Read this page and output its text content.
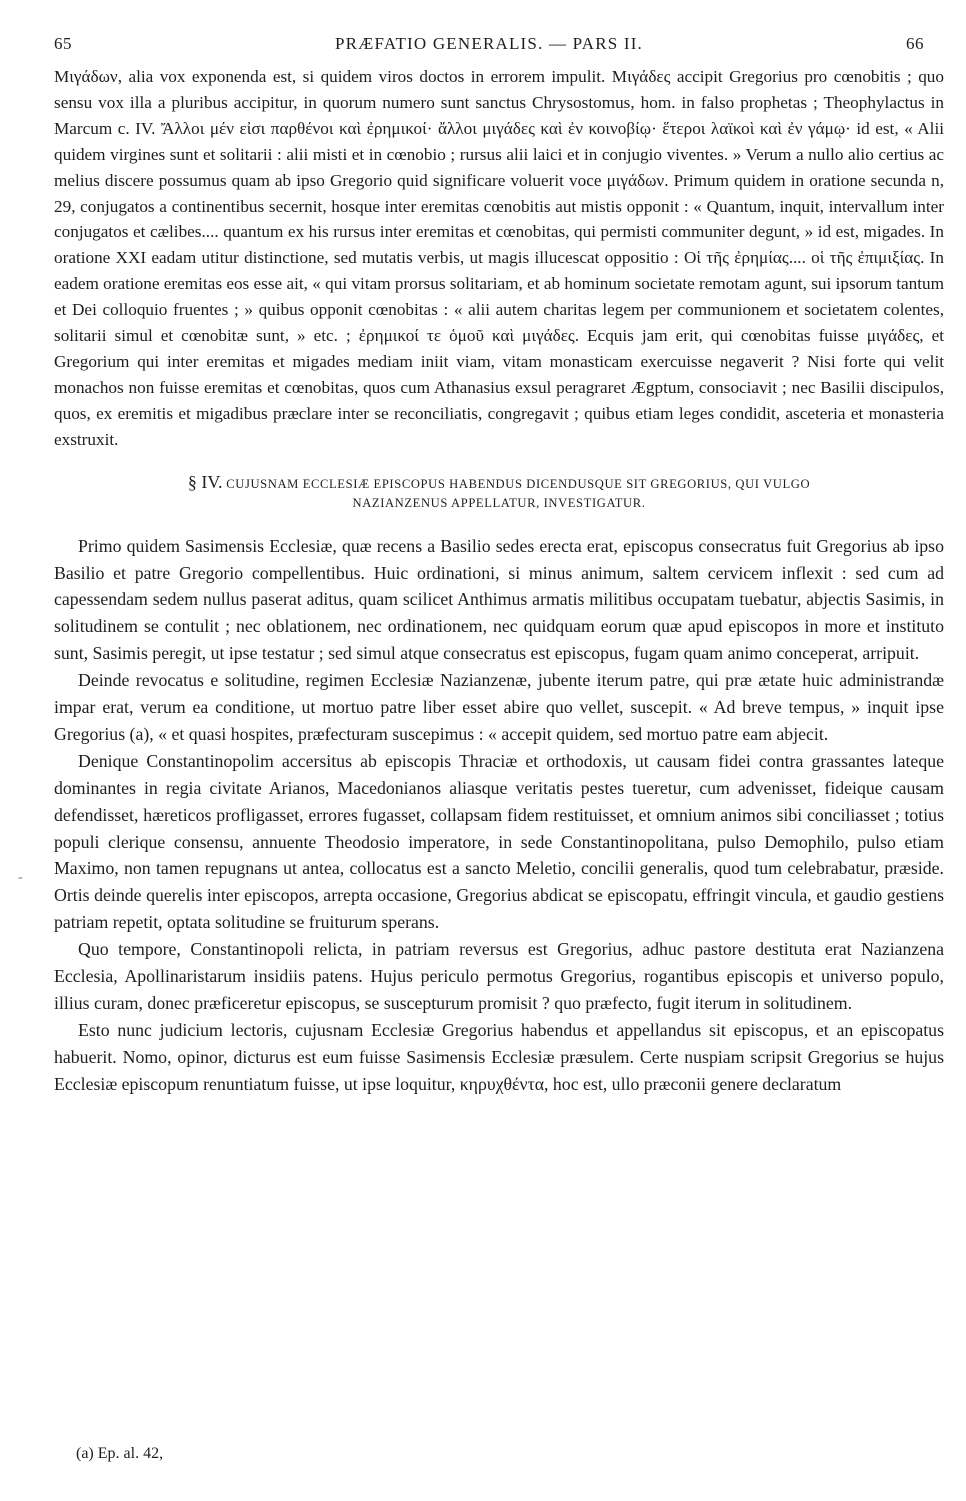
65	PRÆFATIO GENERALIS. — PARS II.	66

Μιγάδων, alia vox exponenda est, si quidem viros doctos in errorem impulit. Μιγάδες accipit Gregorius pro cœnobitis ; quo sensu vox illa a pluribus accipitur, in quorum numero sunt sanctus Chrysostomus, hom. in falso prophetas ; Theophylactus in Marcum c. IV. Ἄλλοι μέν εἰσι παρθένοι καὶ ἐρημικοί· ἄλλοι μιγάδες καὶ ἐν κοινοβίῳ· ἕτεροι λαϊκοὶ καὶ ἐν γάμῳ· id est, « Alii quidem virgines sunt et solitarii : alii misti et in cœnobio ; rursus alii laici et in conjugio viventes. » Verum a nullo alio certius ac melius discere possumus quam ab ipso Gregorio quid significare voluerit voce μιγάδων. Primum quidem in oratione secunda n, 29, conjugatos a continentibus secernit, hosque inter eremitas cœnobitis aut mistis opponit : « Quantum, inquit, intervallum inter conjugatos et cælibes.... quantum ex his rursus inter eremitas et cœnobitas, qui permisti communiter degunt, » id est, migades. In oratione XXI eadam utitur distinctione, sed mutatis verbis, ut magis illucescat oppositio : Οἱ τῆς ἐρημίας.... οἱ τῆς ἐπιμιξίας. In eadem oratione eremitas eos esse ait, « qui vitam prorsus solitariam, et ab hominum societate remotam agunt, sui ipsorum tantum et Dei colloquio fruentes ; » quibus opponit cœnobitas : « alii autem charitas legem per communionem et societatem colentes, solitarii simul et cœnobitæ sunt, » etc. ; ἐρημικοί τε ὁμοῦ καὶ μιγάδες. Ecquis jam erit, qui cœnobitas fuisse μιγάδες, et Gregorium qui inter eremitas et migades mediam iniit viam, vitam monasticam exercuisse negaverit ? Nisi forte qui velit monachos non fuisse eremitas et cœnobitas, quos cum Athanasius exsul peragraret Ægptum, consociavit ; nec Basilii discipulos, quos, ex eremitis et migadibus præclare inter se reconciliatis, congregavit ; quibus etiam leges condidit, asceteria et monasteria exstruxit.

§ IV. CUJUSNAM ECCLESIÆ EPISCOPUS HABENDUS DICENDUSQUE SIT GREGORIUS, QUI VULGO
NAZIANZENUS APPELLATUR, INVESTIGATUR.

Primo quidem Sasimensis Ecclesiæ, quæ recens a Basilio sedes erecta erat, episcopus consecratus fuit Gregorius ab ipso Basilio et patre Gregorio compellentibus. Huic ordinationi, si minus animum, saltem cervicem inflexit : sed cum ad capessendam sedem nullus paserat aditus, quam scilicet Anthimus armatis militibus occupatam tuebatur, abjectis Sasimis, in solitudinem se contulit ; nec oblationem, nec ordinationem, nec quidquam eorum quæ apud episcopos in more et instituto sunt, Sasimis peregit, ut ipse testatur ; sed simul atque consecratus est episcopus, fugam quam animo conceperat, arripuit.

Deinde revocatus e solitudine, regimen Ecclesiæ Nazianzenæ, jubente iterum patre, qui præ ætate huic administrandæ impar erat, verum ea conditione, ut mortuo patre liber esset abire quo vellet, suscepit. « Ad breve tempus, » inquit ipse Gregorius (a), « et quasi hospites, præfecturam suscepimus : « accepit quidem, sed mortuo patre eam abjecit.

Denique Constantinopolim accersitus ab episcopis Thraciæ et orthodoxis, ut causam fidei contra grassantes lateque dominantes in regia civitate Arianos, Macedonianos aliasque veritatis pestes tueretur, cum advenisset, fideique causam defendisset, hæreticos profligasset, errores fugasset, collapsam fidem restituisset, et omnium animos sibi conciliasset ; totius populi clerique consensu, annuente Theodosio imperatore, in sede Constantinopolitana, pulso Demophilo, pulso etiam Maximo, non tamen repugnans ut antea, collocatus est a sancto Meletio, concilii generalis, quod tum celebrabatur, præside. Ortis deinde querelis inter episcopos, arrepta occasione, Gregorius abdicat se episcopatu, effringit vincula, et gaudio gestiens patriam repetit, optata solitudine se fruiturum sperans.

Quo tempore, Constantinopoli relicta, in patriam reversus est Gregorius, adhuc pastore destituta erat Nazianzena Ecclesia, Apollinaristarum insidiis patens. Hujus periculo permotus Gregorius, rogantibus episcopis et universo populo, illius curam, donec præficeretur episcopus, se suscepturum promisit ? quo præfecto, fugit iterum in solitudinem.

Esto nunc judicium lectoris, cujusnam Ecclesiæ Gregorius habendus et appellandus sit episcopus, et an episcopatus habuerit. Nomo, opinor, dicturus est eum fuisse Sasimensis Ecclesiæ præsulem. Certe nuspiam scripsit Gregorius se hujus Ecclesiæ episcopum renuntiatum fuisse, ut ipse loquitur, κηρυχθέντα, hoc est, ullo præconii genere declaratum

-
(a) Ep. al. 42,
